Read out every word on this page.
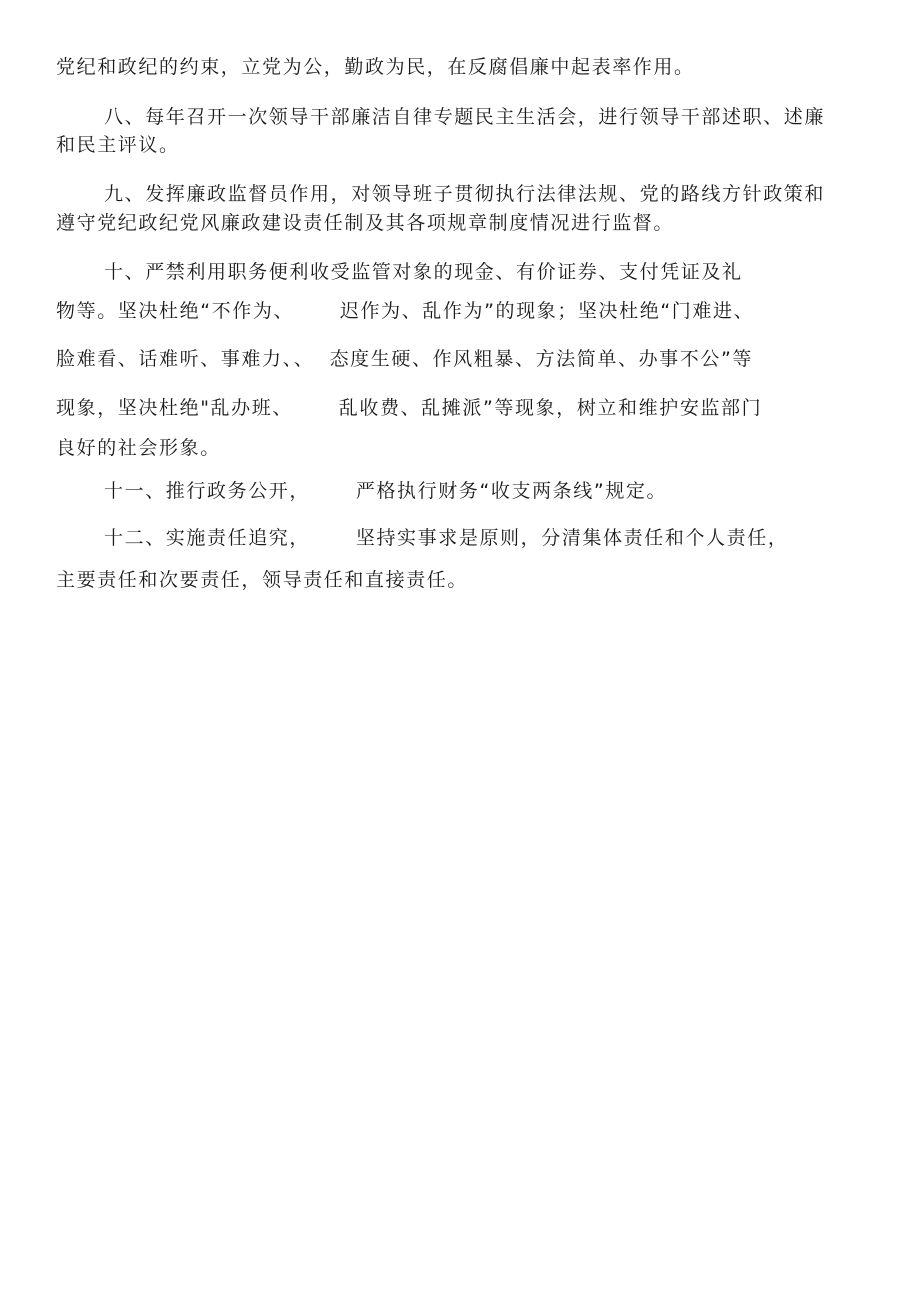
党纪和政纪的约束，立党为公，勤政为民，在反腐倡廉中起表率作用。
八、每年召开一次领导干部廉洁自律专题民主生活会，进行领导干部述职、述廉
和民主评议。
九、发挥廉政监督员作用，对领导班子贯彻执行法律法规、党的路线方针政策和
遵守党纪政纪党风廉政建设责任制及其各项规章制度情况进行监督。
十、严禁利用职务便利收受监管对象的现金、有价证券、支付凭证及礼
物等。坚决杜绝“不作为、      迟作为、乱作为”的现象；坚决杜绝“门难进、
脸难看、话难听、事难力、、  态度生硬、作风粗暴、方法简单、办事不公”等
现象，坚决杜绝"乱办班、      乱收费、乱摊派”等现象，树立和维护安监部门
良好的社会形象。
十一、推行政务公开，      严格执行财务“收支两条线”规定。
十二、实施责任追究，      坚持实事求是原则，分清集体责任和个人责任，
主要责任和次要责任，领导责任和直接责任。
